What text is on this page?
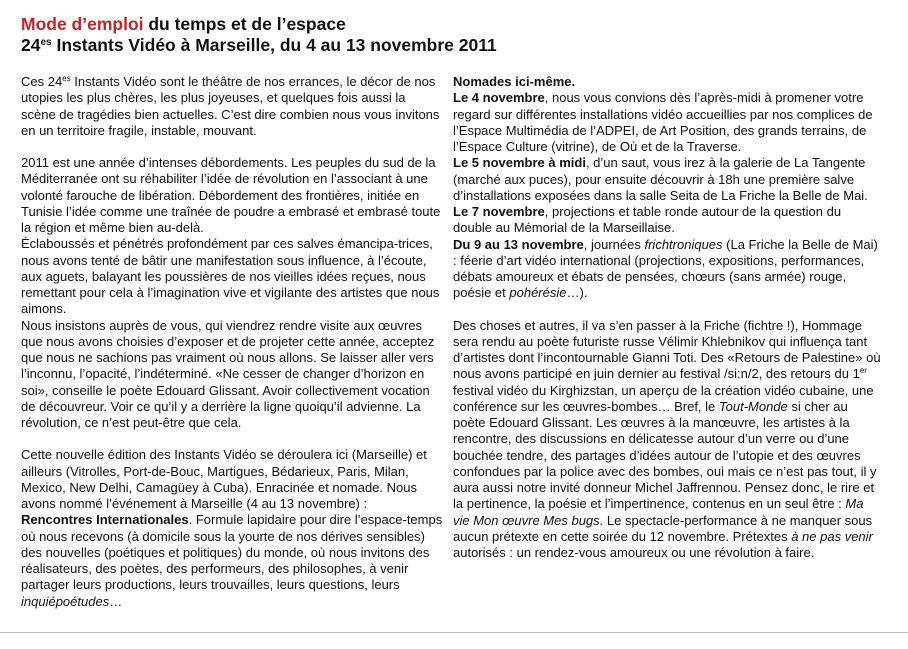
Mode d’emploi du temps et de l’espace
$24^{es}$ Instants Vidéo à Marseille, du 4 au 13 novembre 2011

Ces $24^{es}$ Instants Vidéo sont le théâtre de nos errances, le décor de nos utopies les plus chères, les plus joyeuses, et quelques fois aussi la scène de tragédies bien actuelles. C’est dire combien nous vous invitons en un territoire fragile, instable, mouvant.

2011 est une année d’intenses débordements. Les peuples du sud de la Méditerranée ont su réhabiliter l’idée de révolution en l’associant à une volonté farouche de libération. Débordement des frontières, initiée en Tunisie l’idée comme une traînée de poudre a embrasé et embrasé toute la région et même bien au-delà.

Éclaboussés et pénétrés profondément par ces salves émancipa-trices, nous avons tenté de bâtir une manifestation sous influence, à l’écoute, aux aguets, balayant les poussières de nos vieilles idées reçues, nous remettant pour cela à l’imagination vive et vigilante des artistes que nous aimons.

Nous insistons auprès de vous, qui viendrez rendre visite aux œuvres que nous avons choisies d’exposer et de projeter cette année, acceptez que nous ne sachions pas vraiment où nous allons. Se laisser aller vers l’inconnu, l’opacité, l’indéterminé. «Ne cesser de changer d’horizon en soi», conseille le poète Edouard Glissant. Avoir collectivement vocation de découvreur. Voir ce qu’il y a derrière la ligne quoiqu’il advienne. La révolution, ce n’est peut-être que cela.

Cette nouvelle édition des Instants Vidéo se déroulera ici (Marseille) et ailleurs (Vitrolles, Port-de-Bouc, Martigues, Bédarieux, Paris, Milan, Mexico, New Delhi, Camagüey à Cuba). Enracinée et nomade. Nous avons nommé l’événement à Marseille (4 au 13 novembre) :

Rencontres Internationales. Formule lapidaire pour dire l’espace-temps où nous recevons (à domicile sous la yourte de nos dérives sensibles) des nouvelles (poétiques et politiques) du monde, où nous invitons des réalisateurs, des poètes, des performeurs, des philosophes, à venir partager leurs productions, leurs trouvailles, leurs questions, leurs inquiépoétudes…

Nomades ici-même.

Le 4 novembre, nous vous convions dès l’après-midi à promener votre regard sur différentes installations vidéo accueillies par nos complices de l’Espace Multimédia de l’ADPEI, de Art Position, des grands terrains, de l’Espace Culture (vitrine), de Où et de la Traverse.

Le 5 novembre à midi, d’un saut, vous irez à la galerie de La Tangente (marché aux puces), pour ensuite découvrir à 18h une première salve d’installations exposées dans la salle Seita de La Friche la Belle de Mai.

Le 7 novembre, projections et table ronde autour de la question du double au Mémorial de la Marseillaise.

Du 9 au 13 novembre, journées frichtroniques (La Friche la Belle de Mai) : féerie d’art vidéo international (projections, expositions, performances, débats amoureux et ébats de pensées, chœurs (sans armée) rouge, poésie et pohérésie…).

Des choses et autres, il va s’en passer à la Friche (fichtre !), Hommage sera rendu au poète futuriste russe Vélimir Khlebnikov qui influença tant d’artistes dont l’incontournable Gianni Toti. Des «Retours de Palestine» où nous avons participé en juin dernier au festival /si:n/2, des retours du 1er festival vidéo du Kirghizstan, un aperçu de la création vidéo cubaine, une conférence sur les œuvres-bombes… Bref, le Tout-Monde si cher au poète Edouard Glissant. Les œuvres à la manœuvre, les artistes à la rencontre, des discussions en délicatesse autour d’un verre ou d’une bouchée tendre, des partages d’idées autour de l’utopie et des œuvres confondues par la police avec des bombes, oui mais ce n’est pas tout, il y aura aussi notre invité donneur Michel Jaffrennou. Pensez donc, le rire et la pertinence, la poésie et l’impertinence, contenus en un seul être : Ma vie Mon œuvre Mes bugs. Le spectacle-performance à ne manquer sous aucun prétexte en cette soirée du 12 novembre. Prétextes à ne pas venir autorisés : un rendez-vous amoureux ou une révolution à faire.
